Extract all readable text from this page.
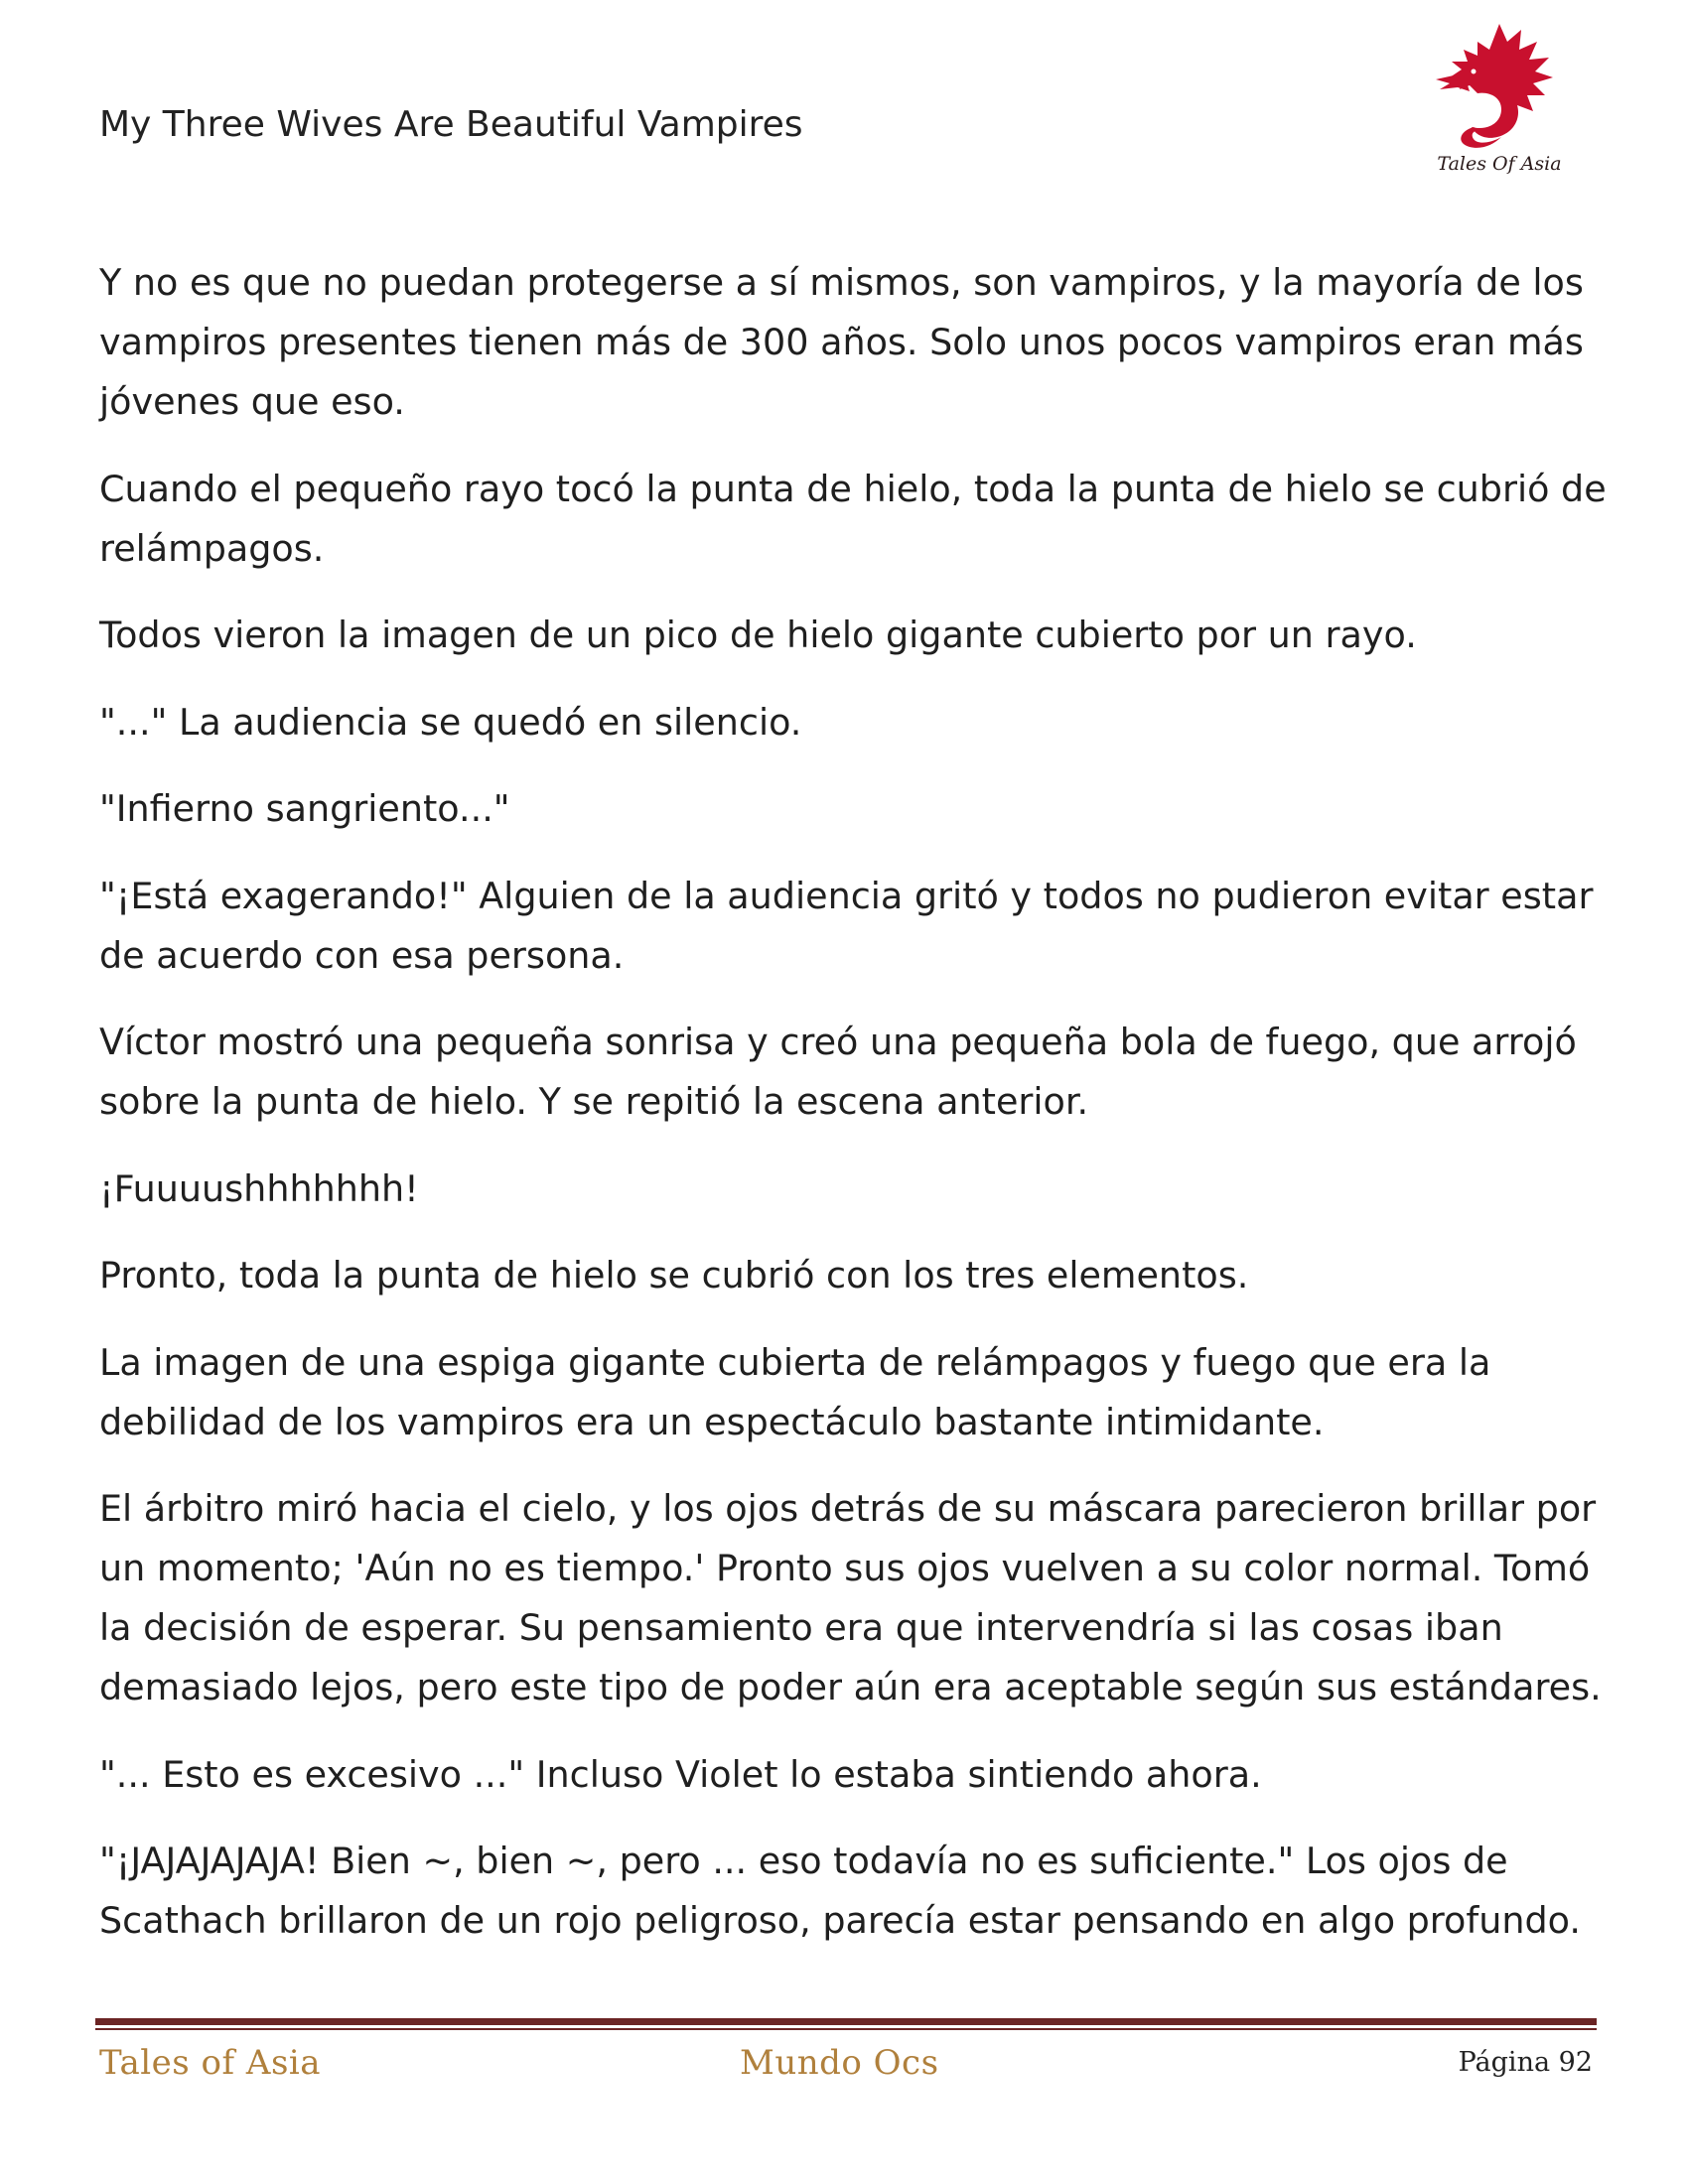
My Three Wives Are Beautiful Vampires
Tales Of Asia

Y no es que no puedan protegerse a sí mismos, son vampiros, y la mayoría de los vampiros presentes tienen más de 300 años. Solo unos pocos vampiros eran más jóvenes que eso.

Cuando el pequeño rayo tocó la punta de hielo, toda la punta de hielo se cubrió de relámpagos.

Todos vieron la imagen de un pico de hielo gigante cubierto por un rayo.

"..." La audiencia se quedó en silencio.

"Infierno sangriento..."

"¡Está exagerando!" Alguien de la audiencia gritó y todos no pudieron evitar estar de acuerdo con esa persona.

Víctor mostró una pequeña sonrisa y creó una pequeña bola de fuego, que arrojó sobre la punta de hielo. Y se repitió la escena anterior.

¡Fuuuushhhhhhh!

Pronto, toda la punta de hielo se cubrió con los tres elementos.

La imagen de una espiga gigante cubierta de relámpagos y fuego que era la debilidad de los vampiros era un espectáculo bastante intimidante.

El árbitro miró hacia el cielo, y los ojos detrás de su máscara parecieron brillar por un momento; 'Aún no es tiempo.' Pronto sus ojos vuelven a su color normal. Tomó la decisión de esperar. Su pensamiento era que intervendría si las cosas iban demasiado lejos, pero este tipo de poder aún era aceptable según sus estándares.

"... Esto es excesivo ..." Incluso Violet lo estaba sintiendo ahora.

"¡JAJAJAJAJA! Bien ~, bien ~, pero ... eso todavía no es suficiente." Los ojos de Scathach brillaron de un rojo peligroso, parecía estar pensando en algo profundo.

Tales of Asia	Mundo Ocs	Página 92
